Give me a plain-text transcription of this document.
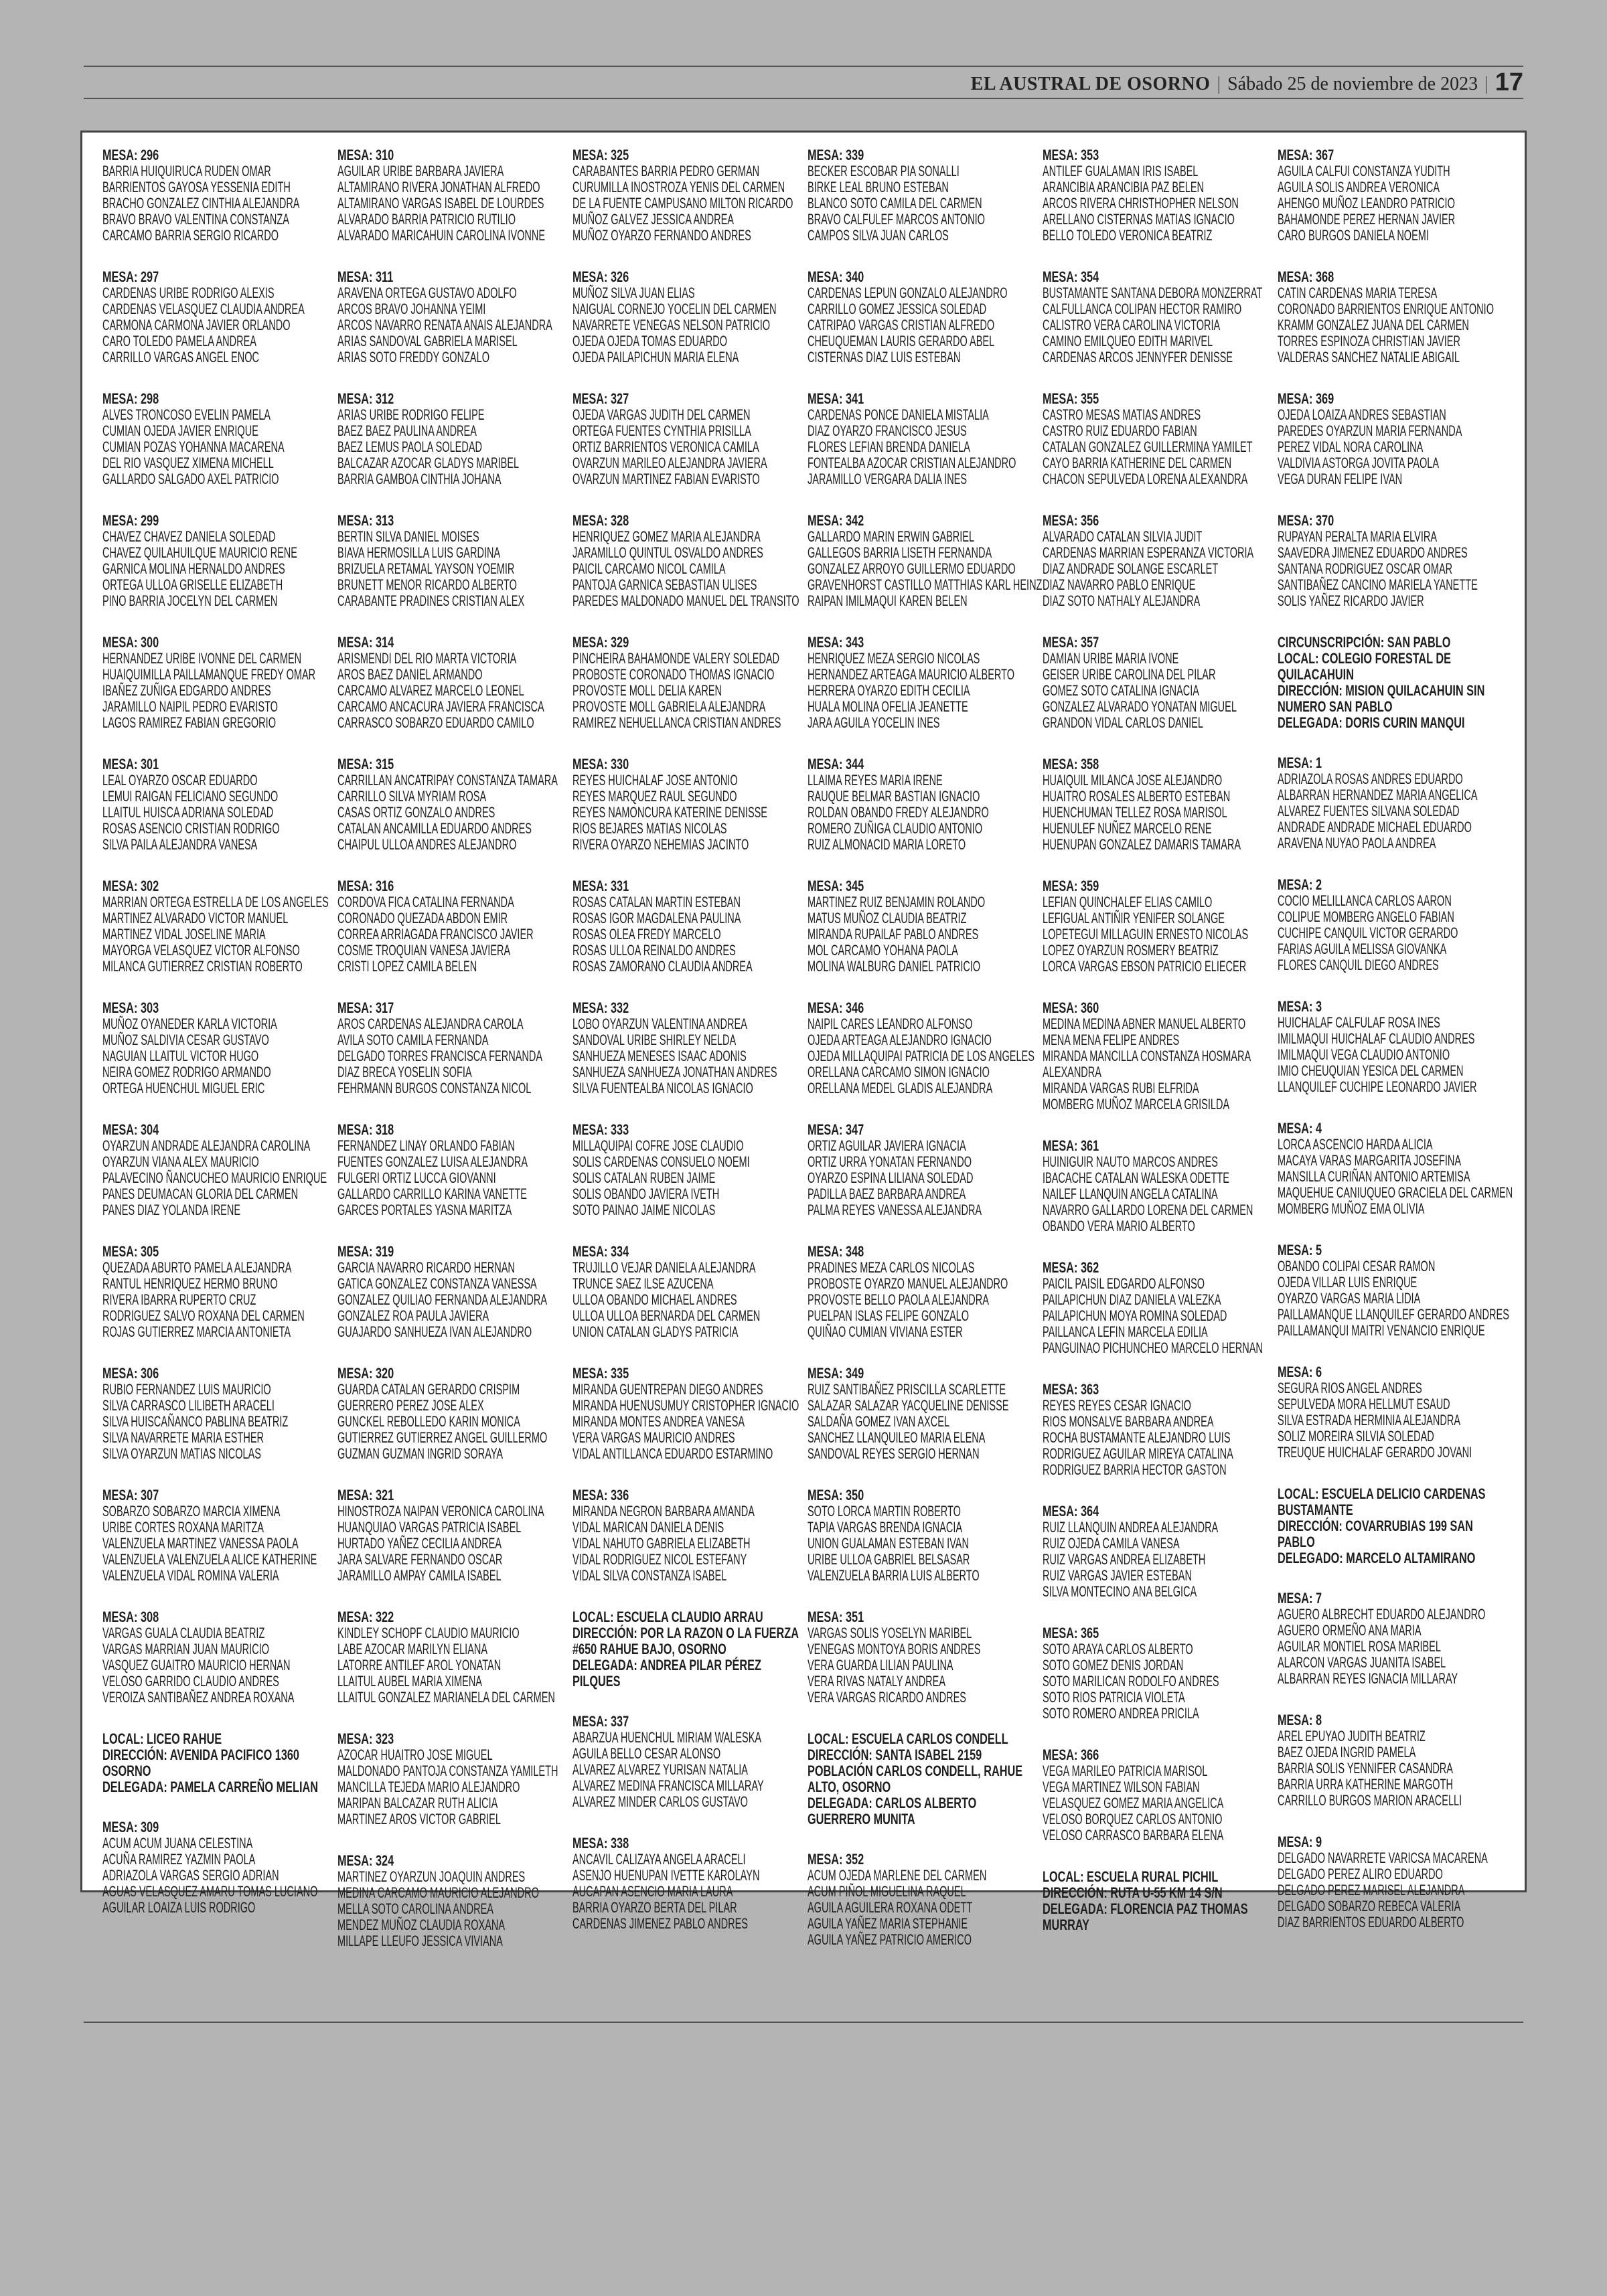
EL AUSTRAL DE OSORNO | Sábado 25 de noviembre de 2023 | 17
MESA: 296
BARRIA HUIQUIRUCA RUDEN OMAR
BARRIENTOS GAYOSA YESSENIA EDITH
BRACHO GONZALEZ CINTHIA ALEJANDRA
BRAVO BRAVO VALENTINA CONSTANZA
CARCAMO BARRIA SERGIO RICARDO
MESA: 297
CARDENAS URIBE RODRIGO ALEXIS
CARDENAS VELASQUEZ CLAUDIA ANDREA
CARMONA CARMONA JAVIER ORLANDO
CARO TOLEDO PAMELA ANDREA
CARRILLO VARGAS ANGEL ENOC
MESA: 298
ALVES TRONCOSO EVELIN PAMELA
CUMIAN OJEDA JAVIER ENRIQUE
CUMIAN POZAS YOHANNA MACARENA
DEL RIO VASQUEZ XIMENA MICHELL
GALLARDO SALGADO AXEL PATRICIO
MESA: 299
CHAVEZ CHAVEZ DANIELA SOLEDAD
CHAVEZ QUILAHUILQUE MAURICIO RENE
GARNICA MOLINA HERNALDO ANDRES
ORTEGA ULLOA GRISELLE ELIZABETH
PINO BARRIA JOCELYN DEL CARMEN
MESA: 300
HERNANDEZ URIBE IVONNE DEL CARMEN
HUAIQUIMILLA PAILLAMANQUE FREDY OMAR
IBAÑEZ ZUÑIGA EDGARDO ANDRES
JARAMILLO NAIPIL PEDRO EVARISTO
LAGOS RAMIREZ FABIAN GREGORIO
MESA: 301
LEAL OYARZO OSCAR EDUARDO
LEMUI RAIGAN FELICIANO SEGUNDO
LLAITUL HUISCA ADRIANA SOLEDAD
ROSAS ASENCIO CRISTIAN RODRIGO
SILVA PAILA ALEJANDRA VANESA
MESA: 302
MARRIAN ORTEGA ESTRELLA DE LOS ANGELES
MARTINEZ ALVARADO VICTOR MANUEL
MARTINEZ VIDAL JOSELINE MARIA
MAYORGA VELASQUEZ VICTOR ALFONSO
MILANCA GUTIERREZ CRISTIAN ROBERTO
MESA: 303
MUÑOZ OYANEDER KARLA VICTORIA
MUÑOZ SALDIVIA CESAR GUSTAVO
NAGUIAN LLAITUL VICTOR HUGO
NEIRA GOMEZ RODRIGO ARMANDO
ORTEGA HUENCHUL MIGUEL ERIC
MESA: 304
OYARZUN ANDRADE ALEJANDRA CAROLINA
OYARZUN VIANA ALEX MAURICIO
PALAVECINO ÑANCUCHEO MAURICIO ENRIQUE
PANES DEUMACAN GLORIA DEL CARMEN
PANES DIAZ YOLANDA IRENE
MESA: 305
QUEZADA ABURTO PAMELA ALEJANDRA
RANTUL HENRIQUEZ HERMO BRUNO
RIVERA IBARRA RUPERTO CRUZ
RODRIGUEZ SALVO ROXANA DEL CARMEN
ROJAS GUTIERREZ MARCIA ANTONIETA
MESA: 306
RUBIO FERNANDEZ LUIS MAURICIO
SILVA CARRASCO LILIBETH ARACELI
SILVA HUISCAÑANCO PABLINA BEATRIZ
SILVA NAVARRETE MARIA ESTHER
SILVA OYARZUN MATIAS NICOLAS
MESA: 307
SOBARZO SOBARZO MARCIA XIMENA
URIBE CORTES ROXANA MARITZA
VALENZUELA MARTINEZ VANESSA PAOLA
VALENZUELA VALENZUELA ALICE KATHERINE
VALENZUELA VIDAL ROMINA VALERIA
MESA: 308
VARGAS GUALA CLAUDIA BEATRIZ
VARGAS MARRIAN JUAN MAURICIO
VASQUEZ GUAITRO MAURICIO HERNAN
VELOSO GARRIDO CLAUDIO ANDRES
VEROIZA SANTIBAÑEZ ANDREA ROXANA
LOCAL: LICEO RAHUE
DIRECCIÓN: AVENIDA PACIFICO 1360 OSORNO
DELEGADA: PAMELA CARREÑO MELIAN
MESA: 309
ACUM ACUM JUANA CELESTINA
ACUÑA RAMIREZ YAZMIN PAOLA
ADRIAZOLA VARGAS SERGIO ADRIAN
AGUAS VELASQUEZ AMARU TOMAS LUCIANO
AGUILAR LOAIZA LUIS RODRIGO
MESA: 310
AGUILAR URIBE BARBARA JAVIERA
ALTAMIRANO RIVERA JONATHAN ALFREDO
ALTAMIRANO VARGAS ISABEL DE LOURDES
ALVARADO BARRIA PATRICIO RUTILIO
ALVARADO MARICAHUIN CAROLINA IVONNE
MESA: 311
ARAVENA ORTEGA GUSTAVO ADOLFO
ARCOS BRAVO JOHANNA YEIMI
ARCOS NAVARRO RENATA ANAIS ALEJANDRA
ARIAS SANDOVAL GABRIELA MARISEL
ARIAS SOTO FREDDY GONZALO
MESA: 312
ARIAS URIBE RODRIGO FELIPE
BAEZ BAEZ PAULINA ANDREA
BAEZ LEMUS PAOLA SOLEDAD
BALCAZAR AZOCAR GLADYS MARIBEL
BARRIA GAMBOA CINTHIA JOHANA
MESA: 313
BERTIN SILVA DANIEL MOISES
BIAVA HERMOSILLA LUIS GARDINA
BRIZUELA RETAMAL YAYSON YOEMIR
BRUNETT MENOR RICARDO ALBERTO
CARABANTE PRADINES CRISTIAN ALEX
MESA: 314
ARISMENDI DEL RIO MARTA VICTORIA
AROS BAEZ DANIEL ARMANDO
CARCAMO ALVAREZ MARCELO LEONEL
CARCAMO ANCACURA JAVIERA FRANCISCA
CARRASCO SOBARZO EDUARDO CAMILO
MESA: 315
CARRILLAN ANCATRIPAY CONSTANZA TAMARA
CARRILLO SILVA MYRIAM ROSA
CASAS ORTIZ GONZALO ANDRES
CATALAN ANCAMILLA EDUARDO ANDRES
CHAIPUL ULLOA ANDRES ALEJANDRO
MESA: 316
CORDOVA FICA CATALINA FERNANDA
CORONADO QUEZADA ABDON EMIR
CORREA ARRIAGADA FRANCISCO JAVIER
COSME TROQUIAN VANESA JAVIERA
CRISTI LOPEZ CAMILA BELEN
MESA: 317
AROS CARDENAS ALEJANDRA CAROLA
AVILA SOTO CAMILA FERNANDA
DELGADO TORRES FRANCISCA FERNANDA
DIAZ BRECA YOSELIN SOFIA
FEHRMANN BURGOS CONSTANZA NICOL
MESA: 318
FERNANDEZ LINAY ORLANDO FABIAN
FUENTES GONZALEZ LUISA ALEJANDRA
FULGERI ORTIZ LUCCA GIOVANNI
GALLARDO CARRILLO KARINA VANETTE
GARCES PORTALES YASNA MARITZA
MESA: 319
GARCIA NAVARRO RICARDO HERNAN
GATICA GONZALEZ CONSTANZA VANESSA
GONZALEZ QUILIAO FERNANDA ALEJANDRA
GONZALEZ ROA PAULA JAVIERA
GUAJARDO SANHUEZA IVAN ALEJANDRO
MESA: 320
GUARDA CATALAN GERARDO CRISPIM
GUERRERO PEREZ JOSE ALEX
GUNCKEL REBOLLEDO KARIN MONICA
GUTIERREZ GUTIERREZ ANGEL GUILLERMO
GUZMAN GUZMAN INGRID SORAYA
MESA: 321
HINOSTROZA NAIPAN VERONICA CAROLINA
HUANQUIAO VARGAS PATRICIA ISABEL
HURTADO YAÑEZ CECILIA ANDREA
JARA SALVARE FERNANDO OSCAR
JARAMILLO AMPAY CAMILA ISABEL
MESA: 322
KINDLEY SCHOPF CLAUDIO MAURICIO
LABE AZOCAR MARILYN ELIANA
LATORRE ANTILEF AROL YONATAN
LLAITUL AUBEL MARIA XIMENA
LLAITUL GONZALEZ MARIANELA DEL CARMEN
MESA: 323
AZOCAR HUAITRO JOSE MIGUEL
MALDONADO PANTOJA CONSTANZA YAMILETH
MANCILLA TEJEDA MARIO ALEJANDRO
MARIPAN BALCAZAR RUTH ALICIA
MARTINEZ AROS VICTOR GABRIEL
MESA: 324
MARTINEZ OYARZUN JOAQUIN ANDRES
MEDINA CARCAMO MAURICIO ALEJANDRO
MELLA SOTO CAROLINA ANDREA
MENDEZ MUÑOZ CLAUDIA ROXANA
MILLAPE LLEUFO JESSICA VIVIANA
MESA: 325
CARABANTES BARRIA PEDRO GERMAN
CURUMILLA INOSTROZA YENIS DEL CARMEN
DE LA FUENTE CAMPUSANO MILTON RICARDO
MUÑOZ GALVEZ JESSICA ANDREA
MUÑOZ OYARZO FERNANDO ANDRES
MESA: 326
MUÑOZ SILVA JUAN ELIAS
NAIGUAL CORNEJO YOCELIN DEL CARMEN
NAVARRETE VENEGAS NELSON PATRICIO
OJEDA OJEDA TOMAS EDUARDO
OJEDA PAILAPICHUN MARIA ELENA
MESA: 327
OJEDA VARGAS JUDITH DEL CARMEN
ORTEGA FUENTES CYNTHIA PRISILLA
ORTIZ BARRIENTOS VERONICA CAMILA
OVARZUN MARILEO ALEJANDRA JAVIERA
OVARZUN MARTINEZ FABIAN EVARISTO
MESA: 328
HENRIQUEZ GOMEZ MARIA ALEJANDRA
JARAMILLO QUINTUL OSVALDO ANDRES
PAICIL CARCAMO NICOL CAMILA
PANTOJA GARNICA SEBASTIAN ULISES
PAREDES MALDONADO MANUEL DEL TRANSITO
MESA: 329
PINCHEIRA BAHAMONDE VALERY SOLEDAD
PROBOSTE CORONADO THOMAS IGNACIO
PROVOSTE MOLL DELIA KAREN
PROVOSTE MOLL GABRIELA ALEJANDRA
RAMIREZ NEHUELLANCA CRISTIAN ANDRES
MESA: 330
REYES HUICHALAF JOSE ANTONIO
REYES MARQUEZ RAUL SEGUNDO
REYES NAMONCURA KATERINE DENISSE
RIOS BEJARES MATIAS NICOLAS
RIVERA OYARZO NEHEMIAS JACINTO
MESA: 331
ROSAS CATALAN MARTIN ESTEBAN
ROSAS IGOR MAGDALENA PAULINA
ROSAS OLEA FREDY MARCELO
ROSAS ULLOA REINALDO ANDRES
ROSAS ZAMORANO CLAUDIA ANDREA
MESA: 332
LOBO OYARZUN VALENTINA ANDREA
SANDOVAL URIBE SHIRLEY NELDA
SANHUEZA MENESES ISAAC ADONIS
SANHUEZA SANHUEZA JONATHAN ANDRES
SILVA FUENTEALBA NICOLAS IGNACIO
MESA: 333
MILLAQUIPAI COFRE JOSE CLAUDIO
SOLIS CARDENAS CONSUELO NOEMI
SOLIS CATALAN RUBEN JAIME
SOLIS OBANDO JAVIERA IVETH
SOTO PAINAO JAIME NICOLAS
MESA: 334
TRUJILLO VEJAR DANIELA ALEJANDRA
TRUNCE SAEZ ILSE AZUCENA
ULLOA OBANDO MICHAEL ANDRES
ULLOA ULLOA BERNARDA DEL CARMEN
UNION CATALAN GLADYS PATRICIA
MESA: 335
MIRANDA GUENTREPAN DIEGO ANDRES
MIRANDA HUENUSUMUY CRISTOPHER IGNACIO
MIRANDA MONTES ANDREA VANESA
VERA VARGAS MAURICIO ANDRES
VIDAL ANTILLANCA EDUARDO ESTARMINO
MESA: 336
MIRANDA NEGRON BARBARA AMANDA
VIDAL MARICAN DANIELA DENIS
VIDAL NAHUTO GABRIELA ELIZABETH
VIDAL RODRIGUEZ NICOL ESTEFANY
VIDAL SILVA CONSTANZA ISABEL
LOCAL: ESCUELA CLAUDIO ARRAU
DIRECCIÓN: POR LA RAZON O LA FUERZA #650 RAHUE BAJO, OSORNO
DELEGADA: ANDREA PILAR PÉREZ PILQUES
MESA: 337
ABARZUA HUENCHUL MIRIAM WALESKA
AGUILA BELLO CESAR ALONSO
ALVAREZ ALVAREZ YURISAN NATALIA
ALVAREZ MEDINA FRANCISCA MILLARAY
ALVAREZ MINDER CARLOS GUSTAVO
MESA: 338
ANCAVIL CALIZAYA ANGELA ARACELI
ASENJO HUENUPAN IVETTE KAROLAYN
AUCAPAN ASENCIO MARIA LAURA
BARRIA OYARZO BERTA DEL PILAR
CARDENAS JIMENEZ PABLO ANDRES
MESA: 339
BECKER ESCOBAR PIA SONALLI
BIRKE LEAL BRUNO ESTEBAN
BLANCO SOTO CAMILA DEL CARMEN
BRAVO CALFULEF MARCOS ANTONIO
CAMPOS SILVA JUAN CARLOS
MESA: 340
CARDENAS LEPUN GONZALO ALEJANDRO
CARRILLO GOMEZ JESSICA SOLEDAD
CATRIPAO VARGAS CRISTIAN ALFREDO
CHEUQUEMAN LAURIS GERARDO ABEL
CISTERNAS DIAZ LUIS ESTEBAN
MESA: 341
CARDENAS PONCE DANIELA MISTALIA
DIAZ OYARZO FRANCISCO JESUS
FLORES LEFIAN BRENDA DANIELA
FONTEALBA AZOCAR CRISTIAN ALEJANDRO
JARAMILLO VERGARA DALIA INES
MESA: 342
GALLARDO MARIN ERWIN GABRIEL
GALLEGOS BARRIA LISETH FERNANDA
GONZALEZ ARROYO GUILLERMO EDUARDO
GRAVENHORST CASTILLO MATTHIAS KARL HEINZ
RAIPAN IMILMAQUI KAREN BELEN
MESA: 343
HENRIQUEZ MEZA SERGIO NICOLAS
HERNANDEZ ARTEAGA MAURICIO ALBERTO
HERRERA OYARZO EDITH CECILIA
HUALA MOLINA OFELIA JEANETTE
JARA AGUILA YOCELIN INES
MESA: 344
LLAIMA REYES MARIA IRENE
RAUQUE BELMAR BASTIAN IGNACIO
ROLDAN OBANDO FREDY ALEJANDRO
ROMERO ZUÑIGA CLAUDIO ANTONIO
RUIZ ALMONACID MARIA LORETO
MESA: 345
MARTINEZ RUIZ BENJAMIN ROLANDO
MATUS MUÑOZ CLAUDIA BEATRIZ
MIRANDA RUPAILAF PABLO ANDRES
MOL CARCAMO YOHANA PAOLA
MOLINA WALBURG DANIEL PATRICIO
MESA: 346
NAIPIL CARES LEANDRO ALFONSO
OJEDA ARTEAGA ALEJANDRO IGNACIO
OJEDA MILLAQUIPAI PATRICIA DE LOS ANGELES
ORELLANA CARCAMO SIMON IGNACIO
ORELLANA MEDEL GLADIS ALEJANDRA
MESA: 347
ORTIZ AGUILAR JAVIERA IGNACIA
ORTIZ URRA YONATAN FERNANDO
OYARZO ESPINA LILIANA SOLEDAD
PADILLA BAEZ BARBARA ANDREA
PALMA REYES VANESSA ALEJANDRA
MESA: 348
PRADINES MEZA CARLOS NICOLAS
PROBOSTE OYARZO MANUEL ALEJANDRO
PROVOSTE BELLO PAOLA ALEJANDRA
PUELPAN ISLAS FELIPE GONZALO
QUIÑAO CUMIAN VIVIANA ESTER
MESA: 349
RUIZ SANTIBAÑEZ PRISCILLA SCARLETTE
SALAZAR SALAZAR YACQUELINE DENISSE
SALDAÑA GOMEZ IVAN AXCEL
SANCHEZ LLANQUILEO MARIA ELENA
SANDOVAL REYES SERGIO HERNAN
MESA: 350
SOTO LORCA MARTIN ROBERTO
TAPIA VARGAS BRENDA IGNACIA
UNION GUALAMAN ESTEBAN IVAN
URIBE ULLOA GABRIEL BELSASAR
VALENZUELA BARRIA LUIS ALBERTO
MESA: 351
VARGAS SOLIS YOSELYN MARIBEL
VENEGAS MONTOYA BORIS ANDRES
VERA GUARDA LILIAN PAULINA
VERA RIVAS NATALY ANDREA
VERA VARGAS RICARDO ANDRES
LOCAL: ESCUELA CARLOS CONDELL
DIRECCIÓN: SANTA ISABEL 2159 POBLACIÓN CARLOS CONDELL, RAHUE ALTO, OSORNO
DELEGADA: CARLOS ALBERTO GUERRERO MUNITA
MESA: 352
ACUM OJEDA MARLENE DEL CARMEN
ACUM PIÑOL MIGUELINA RAQUEL
AGUILA AGUILERA ROXANA ODETT
AGUILA YAÑEZ MARIA STEPHANIE
AGUILA YAÑEZ PATRICIO AMERICO
MESA: 353
ANTILEF GUALAMAN IRIS ISABEL
ARANCIBIA ARANCIBIA PAZ BELEN
ARCOS RIVERA CHRISTHOPHER NELSON
ARELLANO CISTERNAS MATIAS IGNACIO
BELLO TOLEDO VERONICA BEATRIZ
MESA: 354
BUSTAMANTE SANTANA DEBORA MONZERRAT
CALFULLANCA COLIPAN HECTOR RAMIRO
CALISTRO VERA CAROLINA VICTORIA
CAMINO EMILQUEO EDITH MARIVEL
CARDENAS ARCOS JENNYFER DENISSE
MESA: 355
CASTRO MESAS MATIAS ANDRES
CASTRO RUIZ EDUARDO FABIAN
CATALAN GONZALEZ GUILLERMINA YAMILET
CAYO BARRIA KATHERINE DEL CARMEN
CHACON SEPULVEDA LORENA ALEXANDRA
MESA: 356
ALVARADO CATALAN SILVIA JUDIT
CARDENAS MARRIAN ESPERANZA VICTORIA
DIAZ ANDRADE SOLANGE ESCARLET
DIAZ NAVARRO PABLO ENRIQUE
DIAZ SOTO NATHALY ALEJANDRA
MESA: 357
DAMIAN URIBE MARIA IVONE
GEISER URIBE CAROLINA DEL PILAR
GOMEZ SOTO CATALINA IGNACIA
GONZALEZ ALVARADO YONATAN MIGUEL
GRANDON VIDAL CARLOS DANIEL
MESA: 358
HUAIQUIL MILANCA JOSE ALEJANDRO
HUAITRO ROSALES ALBERTO ESTEBAN
HUENCHUMAN TELLEZ ROSA MARISOL
HUENULEF NUÑEZ MARCELO RENE
HUENUPAN GONZALEZ DAMARIS TAMARA
MESA: 359
LEFIAN QUINCHALEF ELIAS CAMILO
LEFIGUAL ANTIÑIR YENIFER SOLANGE
LOPETEGUI MILLAGUIN ERNESTO NICOLAS
LOPEZ OYARZUN ROSMERY BEATRIZ
LORCA VARGAS EBSON PATRICIO ELIECER
MESA: 360
MEDINA MEDINA ABNER MANUEL ALBERTO
MENA MENA FELIPE ANDRES
MIRANDA MANCILLA CONSTANZA HOSMARA
ALEXANDRA
MIRANDA VARGAS RUBI ELFRIDA
MOMBERG MUÑOZ MARCELA GRISILDA
MESA: 361
HUINIGUIR NAUTO MARCOS ANDRES
IBACACHE CATALAN WALESKA ODETTE
NAILEF LLANQUIN ANGELA CATALINA
NAVARRO GALLARDO LORENA DEL CARMEN
OBANDO VERA MARIO ALBERTO
MESA: 362
PAICIL PAISIL EDGARDO ALFONSO
PAILAPICHUN DIAZ DANIELA VALEZKA
PAILAPICHUN MOYA ROMINA SOLEDAD
PAILLANCA LEFIN MARCELA EDILIA
PANGUINAO PICHUNCHEO MARCELO HERNAN
MESA: 363
REYES REYES CESAR IGNACIO
RIOS MONSALVE BARBARA ANDREA
ROCHA BUSTAMANTE ALEJANDRO LUIS
RODRIGUEZ AGUILAR MIREYA CATALINA
RODRIGUEZ BARRIA HECTOR GASTON
MESA: 364
RUIZ LLANQUIN ANDREA ALEJANDRA
RUIZ OJEDA CAMILA VANESA
RUIZ VARGAS ANDREA ELIZABETH
RUIZ VARGAS JAVIER ESTEBAN
SILVA MONTECINO ANA BELGICA
MESA: 365
SOTO ARAYA CARLOS ALBERTO
SOTO GOMEZ DENIS JORDAN
SOTO MARILICAN RODOLFO ANDRES
SOTO RIOS PATRICIA VIOLETA
SOTO ROMERO ANDREA PRICILA
MESA: 366
VEGA MARILEO PATRICIA MARISOL
VEGA MARTINEZ WILSON FABIAN
VELASQUEZ GOMEZ MARIA ANGELICA
VELOSO BORQUEZ CARLOS ANTONIO
VELOSO CARRASCO BARBARA ELENA
LOCAL: ESCUELA RURAL PICHIL
DIRECCIÓN: RUTA U-55 KM 14 S/N
DELEGADA: FLORENCIA PAZ THOMAS MURRAY
MESA: 367
AGUILA CALFUI CONSTANZA YUDITH
AGUILA SOLIS ANDREA VERONICA
AHENGO MUÑOZ LEANDRO PATRICIO
BAHAMONDE PEREZ HERNAN JAVIER
CARO BURGOS DANIELA NOEMI
MESA: 368
CATIN CARDENAS MARIA TERESA
CORONADO BARRIENTOS ENRIQUE ANTONIO
KRAMM GONZALEZ JUANA DEL CARMEN
TORRES ESPINOZA CHRISTIAN JAVIER
VALDERAS SANCHEZ NATALIE ABIGAIL
MESA: 369
OJEDA LOAIZA ANDRES SEBASTIAN
PAREDES OYARZUN MARIA FERNANDA
PEREZ VIDAL NORA CAROLINA
VALDIVIA ASTORGA JOVITA PAOLA
VEGA DURAN FELIPE IVAN
MESA: 370
RUPAYAN PERALTA MARIA ELVIRA
SAAVEDRA JIMENEZ EDUARDO ANDRES
SANTANA RODRIGUEZ OSCAR OMAR
SANTIBAÑEZ CANCINO MARIELA YANETTE
SOLIS YAÑEZ RICARDO JAVIER
CIRCUNSCRIPCIÓN: SAN PABLO
LOCAL: COLEGIO FORESTAL DE QUILACAHUIN
DIRECCIÓN: MISION QUILACAHUIN SIN NUMERO SAN PABLO
DELEGADA: DORIS CURIN MANQUI
MESA: 1
ADRIAZOLA ROSAS ANDRES EDUARDO
ALBARRAN HERNANDEZ MARIA ANGELICA
ALVAREZ FUENTES SILVANA SOLEDAD
ANDRADE ANDRADE MICHAEL EDUARDO
ARAVENA NUYAO PAOLA ANDREA
MESA: 2
COCIO MELILLANCA CARLOS AARON
COLIPUE MOMBERG ANGELO FABIAN
CUCHIPE CANQUIL VICTOR GERARDO
FARIAS AGUILA MELISSA GIOVANKA
FLORES CANQUIL DIEGO ANDRES
MESA: 3
HUICHALAF CALFULAF ROSA INES
IMILMAQUI HUICHALAF CLAUDIO ANDRES
IMILMAQUI VEGA CLAUDIO ANTONIO
IMIO CHEUQUIAN YESICA DEL CARMEN
LLANQUILEF CUCHIPE LEONARDO JAVIER
MESA: 4
LORCA ASCENCIO HARDA ALICIA
MACAYA VARAS MARGARITA JOSEFINA
MANSILLA CURIÑAN ANTONIO ARTEMISA
MAQUEHUE CANIUQUEO GRACIELA DEL CARMEN
MOMBERG MUÑOZ EMA OLIVIA
MESA: 5
OBANDO COLIPAI CESAR RAMON
OJEDA VILLAR LUIS ENRIQUE
OYARZO VARGAS MARIA LIDIA
PAILLAMANQUE LLANQUILEF GERARDO ANDRES
PAILLAMANQUI MAITRI VENANCIO ENRIQUE
MESA: 6
SEGURA RIOS ANGEL ANDRES
SEPULVEDA MORA HELLMUT ESAUD
SILVA ESTRADA HERMINIA ALEJANDRA
SOLIZ MOREIRA SILVIA SOLEDAD
TREUQUE HUICHALAF GERARDO JOVANI
LOCAL: ESCUELA DELICIO CARDENAS BUSTAMANTE
DIRECCIÓN: COVARRUBIAS 199 SAN PABLO
DELEGADO: MARCELO ALTAMIRANO
MESA: 7
AGUERO ALBRECHT EDUARDO ALEJANDRO
AGUERO ORMEÑO ANA MARIA
AGUILAR MONTIEL ROSA MARIBEL
ALARCON VARGAS JUANITA ISABEL
ALBARRAN REYES IGNACIA MILLARAY
MESA: 8
AREL EPUYAO JUDITH BEATRIZ
BAEZ OJEDA INGRID PAMELA
BARRIA SOLIS YENNIFER CASANDRA
BARRIA URRA KATHERINE MARGOTH
CARRILLO BURGOS MARION ARACELLI
MESA: 9
DELGADO NAVARRETE VARICSA MACARENA
DELGADO PEREZ ALIRO EDUARDO
DELGADO PEREZ MARISEL ALEJANDRA
DELGADO SOBARZO REBECA VALERIA
DIAZ BARRIENTOS EDUARDO ALBERTO
